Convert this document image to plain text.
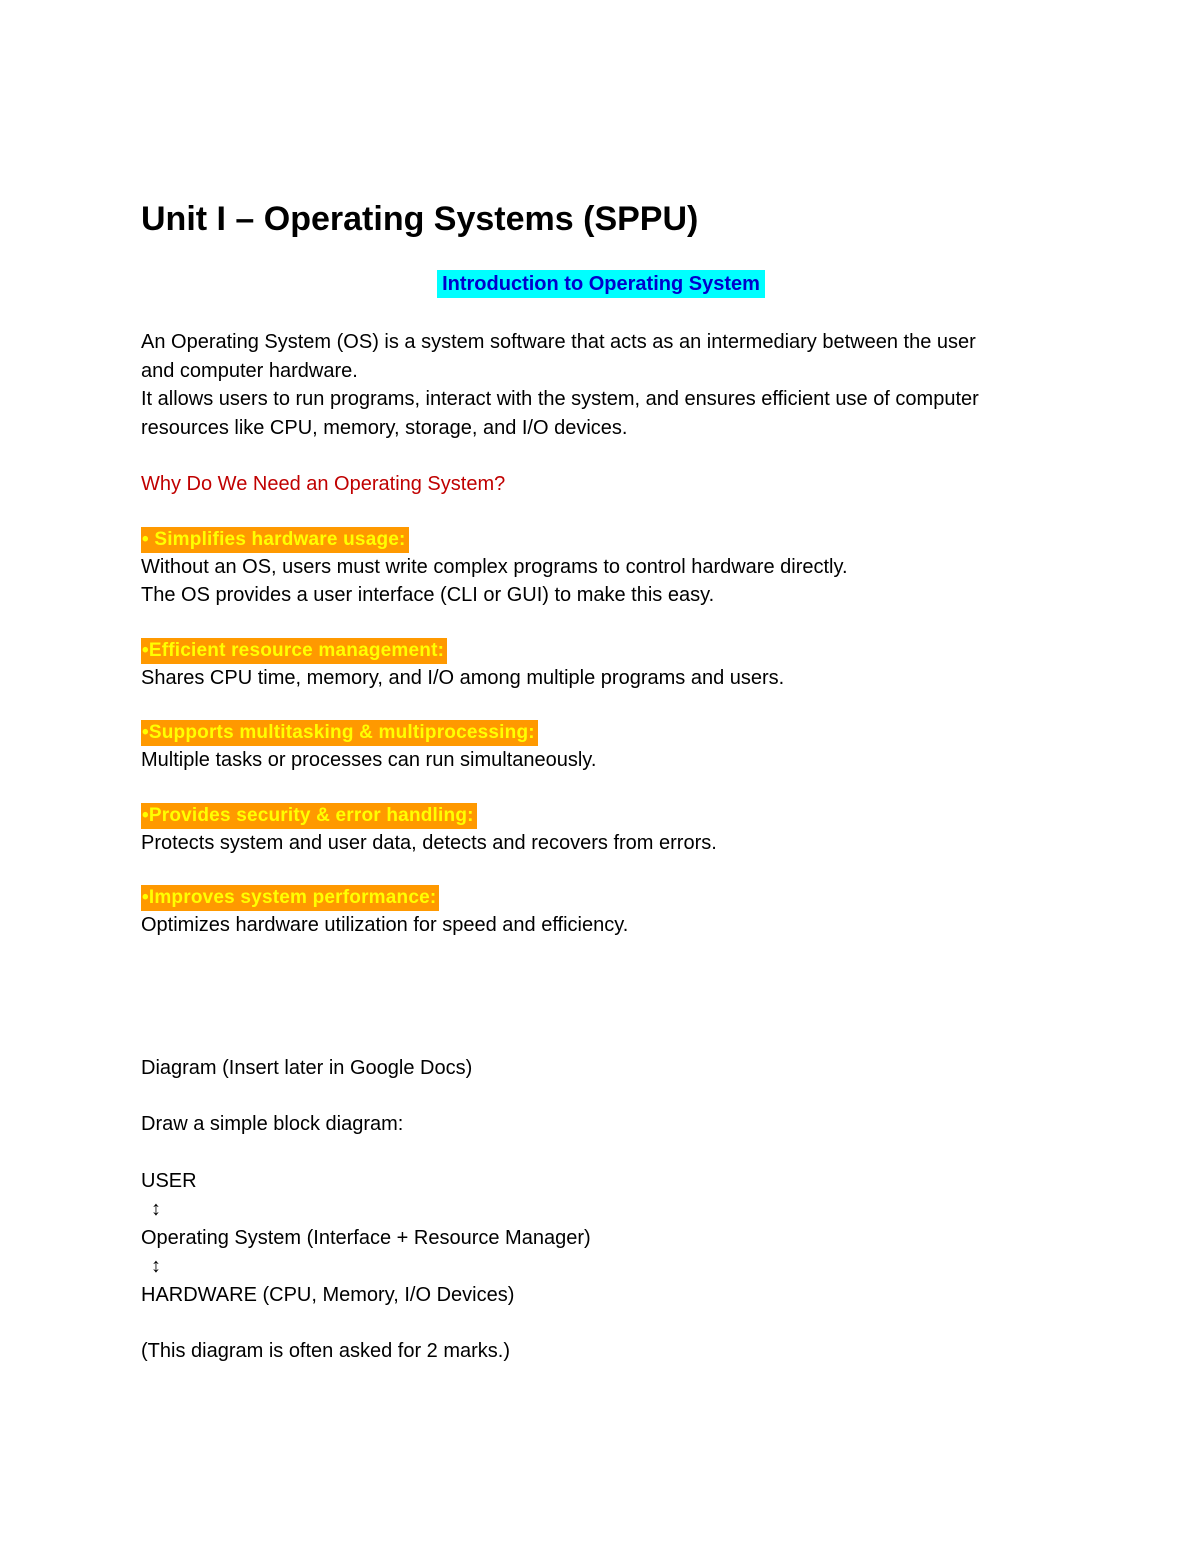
Unit I – Operating Systems (SPPU)
Introduction to Operating System

An Operating System (OS) is a system software that acts as an intermediary between the user

and computer hardware.

It allows users to run programs, interact with the system, and ensures efficient use of computer

resources like CPU, memory, storage, and I/O devices.

Why Do We Need an Operating System?

• Simplifies hardware usage:

Without an OS, users must write complex programs to control hardware directly.

The OS provides a user interface (CLI or GUI) to make this easy.

•Efficient resource management:

Shares CPU time, memory, and I/O among multiple programs and users.

•Supports multitasking & multiprocessing:

Multiple tasks or processes can run simultaneously.

•Provides security & error handling:

Protects system and user data, detects and recovers from errors.

•Improves system performance:

Optimizes hardware utilization for speed and efficiency.

Diagram (Insert later in Google Docs)

Draw a simple block diagram:

USER

↕

Operating System (Interface + Resource Manager)

↕

HARDWARE (CPU, Memory, I/O Devices)

(This diagram is often asked for 2 marks.)
